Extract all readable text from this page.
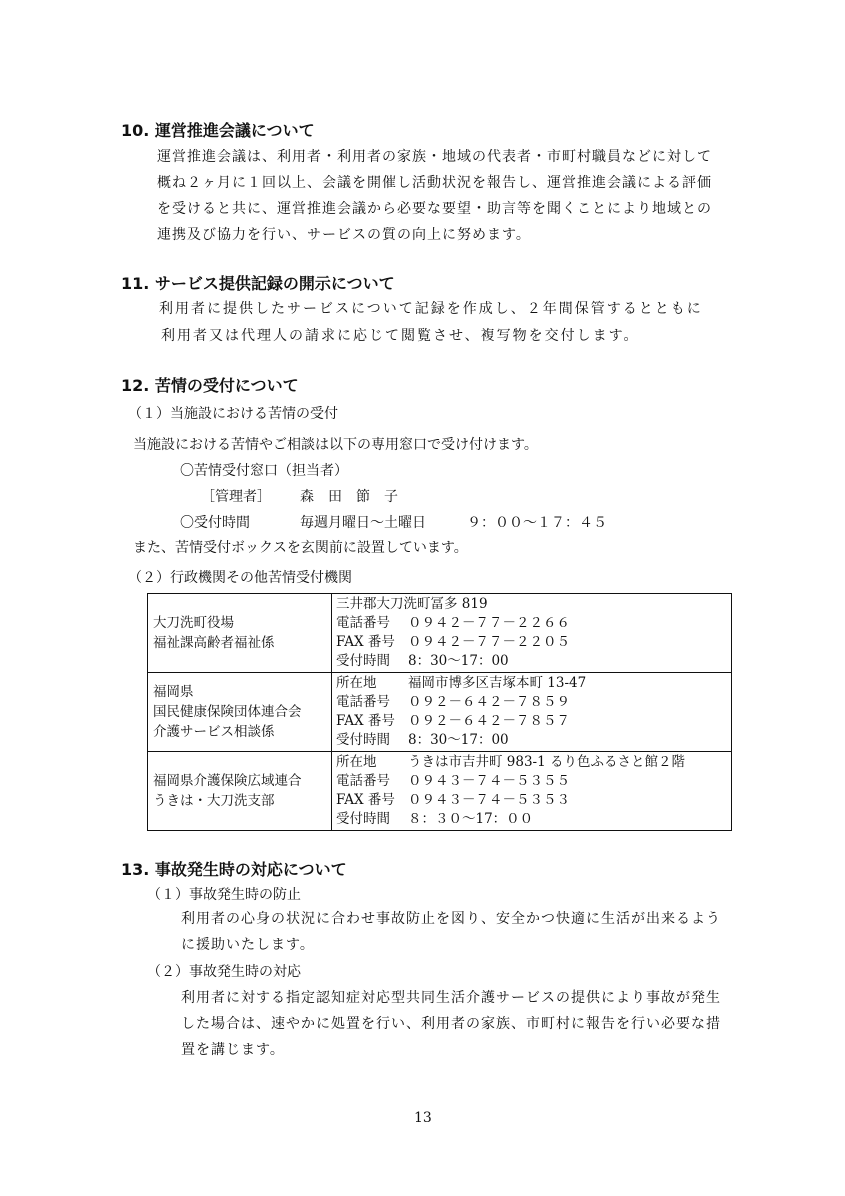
10. 運営推進会議について
運営推進会議は、利用者・利用者の家族・地域の代表者・市町村職員などに対して
概ね２ヶ月に１回以上、会議を開催し活動状況を報告し、運営推進会議による評価
を受けると共に、運営推進会議から必要な要望・助言等を聞くことにより地域との
連携及び協力を行い、サービスの質の向上に努めます。
11. サービス提供記録の開示について
利用者に提供したサービスについて記録を作成し、２年間保管するとともに
利用者又は代理人の請求に応じて閲覧させ、複写物を交付します。
12. 苦情の受付について
（１）当施設における苦情の受付
当施設における苦情やご相談は以下の専用窓口で受け付けます。
〇苦情受付窓口（担当者）
［管理者］ 森　田　節　子
〇受付時間	毎週月曜日～土曜日	９：００～１７：４５
また、苦情受付ボックスを玄関前に設置しています。
（２）行政機関その他苦情受付機関
大刀洗町役場
福祉課高齢者福祉係	三井郡大刀洗町冨多 819
電話番号 ０９４２－７７－２２６６
FAX 番号 ０９４２－７７－２２０５
受付時間 8：30～17：00

福岡県
国民健康保険団体連合会
介護サービス相談係	所在地 福岡市博多区吉塚本町 13-47
電話番号 ０９２－６４２－７８５９
FAX 番号 ０９２－６４２－７８５７
受付時間 8：30～17：00

福岡県介護保険広域連合
うきは・大刀洗支部	所在地 うきは市吉井町 983-1 るり色ふるさと館２階
電話番号 ０９４３－７４－５３５５
FAX 番号 ０９４３－７４－５３５３
受付時間 ８：３０～17：００
13. 事故発生時の対応について
（１）事故発生時の防止
利用者の心身の状況に合わせ事故防止を図り、安全かつ快適に生活が出来るよう
に援助いたします。
（２）事故発生時の対応
利用者に対する指定認知症対応型共同生活介護サービスの提供により事故が発生
した場合は、速やかに処置を行い、利用者の家族、市町村に報告を行い必要な措
置を講じます。
13
